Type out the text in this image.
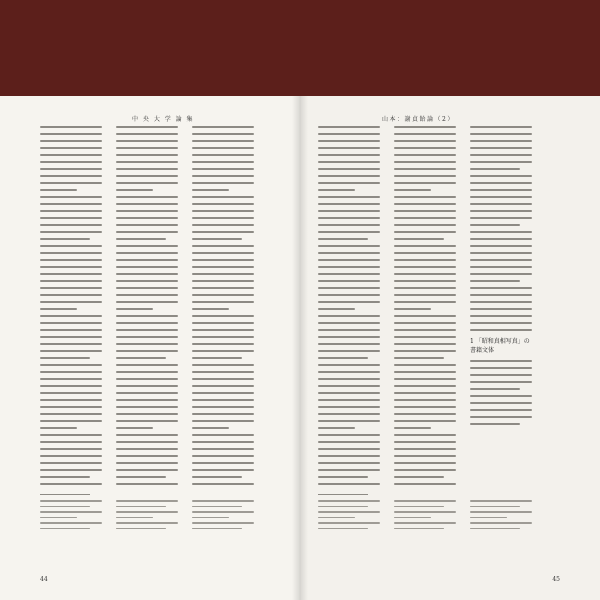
中 央 大 学 論 集
44
山本：謝貞飴論（2）
1 「昭和真相写真」の書籍文体
45
